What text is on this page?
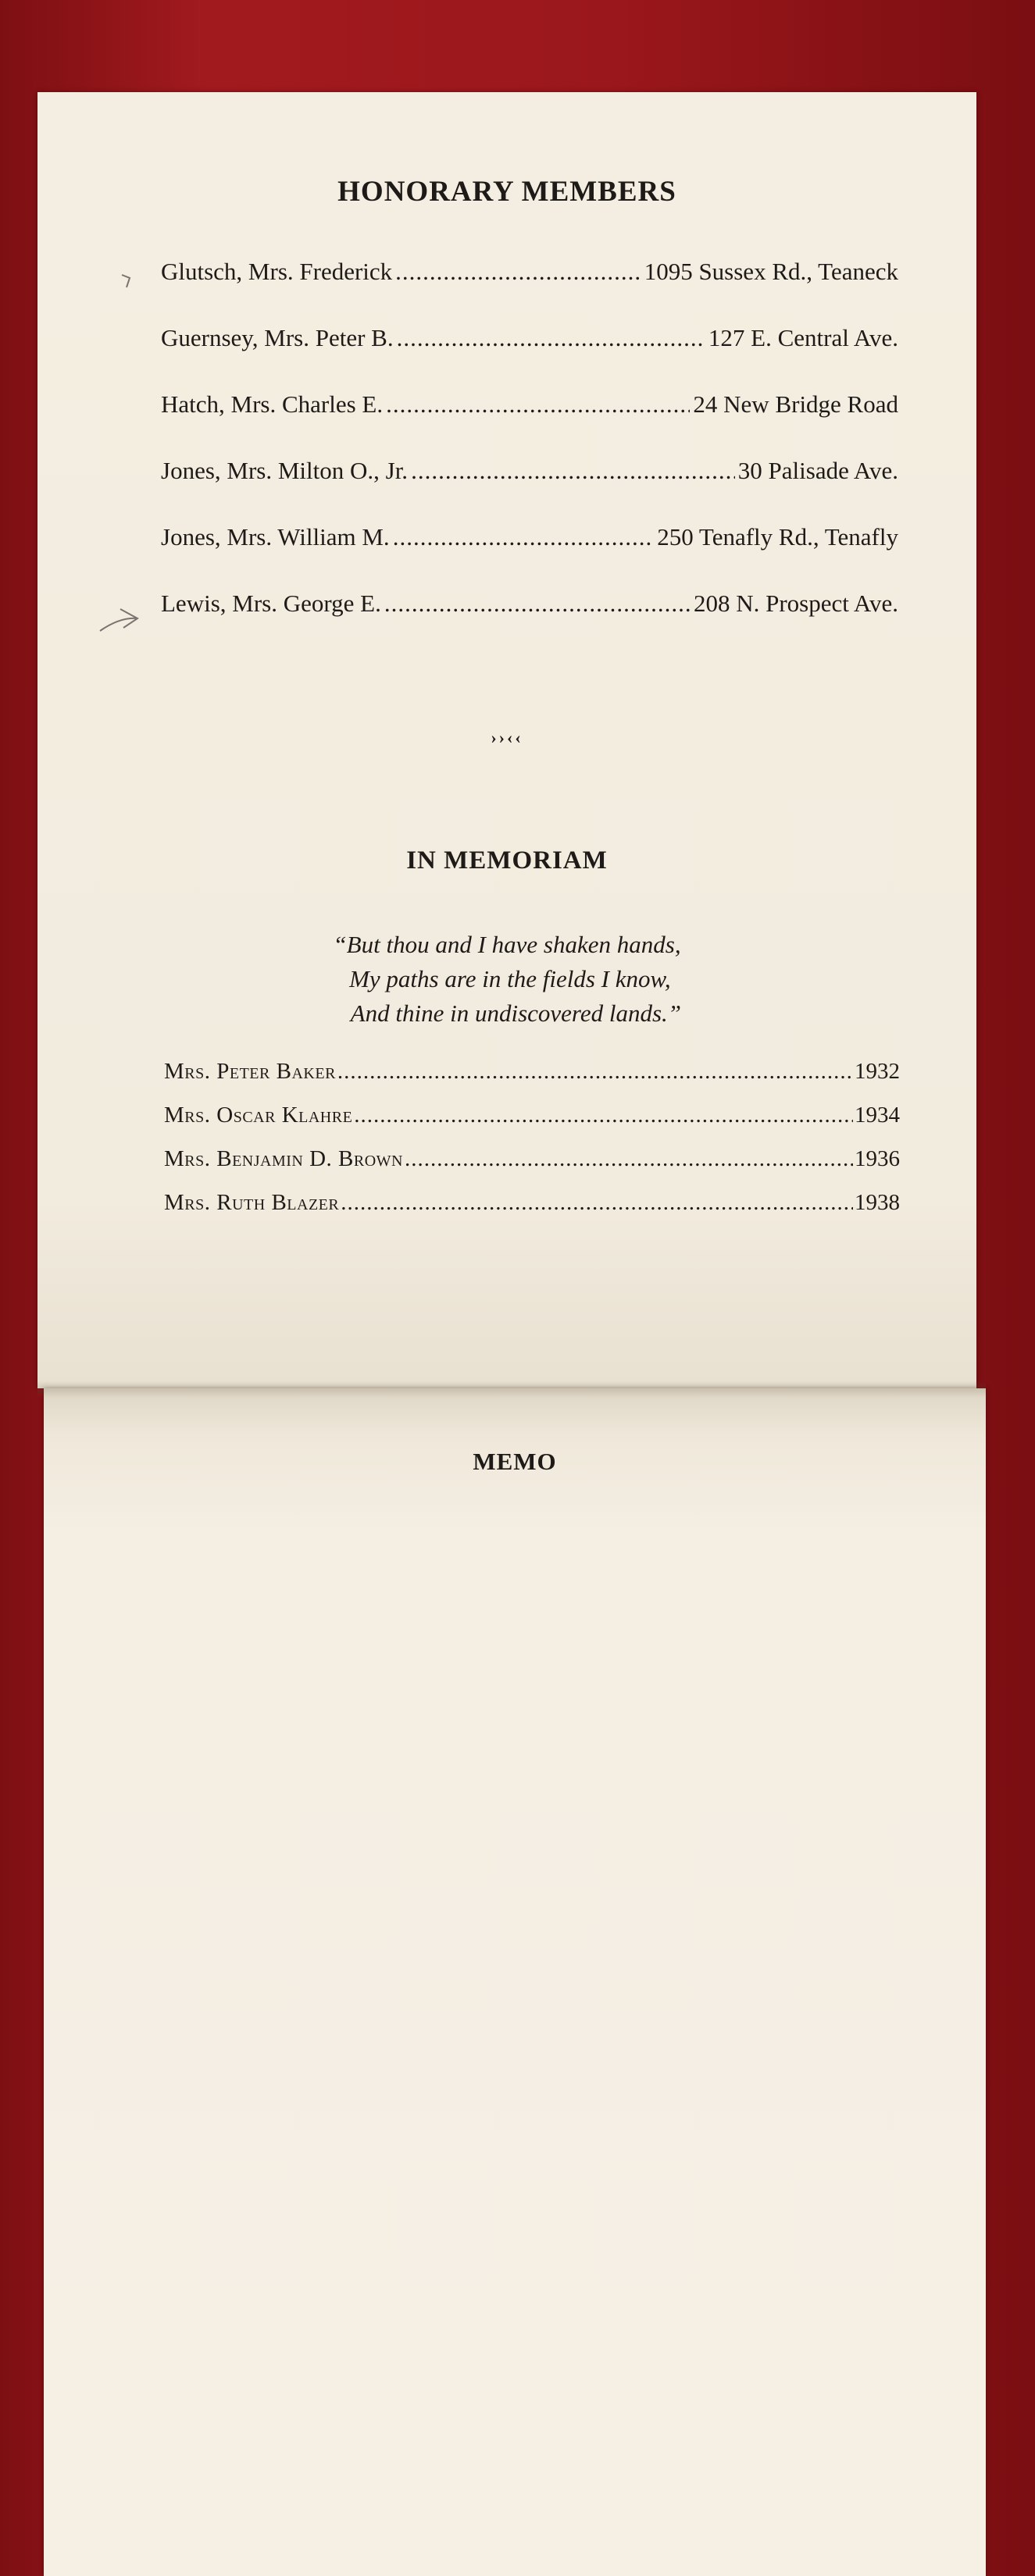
HONORARY MEMBERS
Glutsch, Mrs. Frederick .....	1095 Sussex Rd., Teaneck
Guernsey, Mrs. Peter B. .....	127 E. Central Ave.
Hatch, Mrs. Charles E. .....	24 New Bridge Road
Jones, Mrs. Milton O., Jr. .....	30 Palisade Ave.
Jones, Mrs. William M. .....	250 Tenafly Rd., Tenafly
Lewis, Mrs. George E. .....	208 N. Prospect Ave.
››‹‹
IN MEMORIAM
“But thou and I have shaken hands,
My paths are in the fields I know,
And thine in undiscovered lands.”
Mrs. Peter Baker .....	1932
Mrs. Oscar Klahre .....	1934
Mrs. Benjamin D. Brown .....	1936
Mrs. Ruth Blazer .....	1938
MEMO
